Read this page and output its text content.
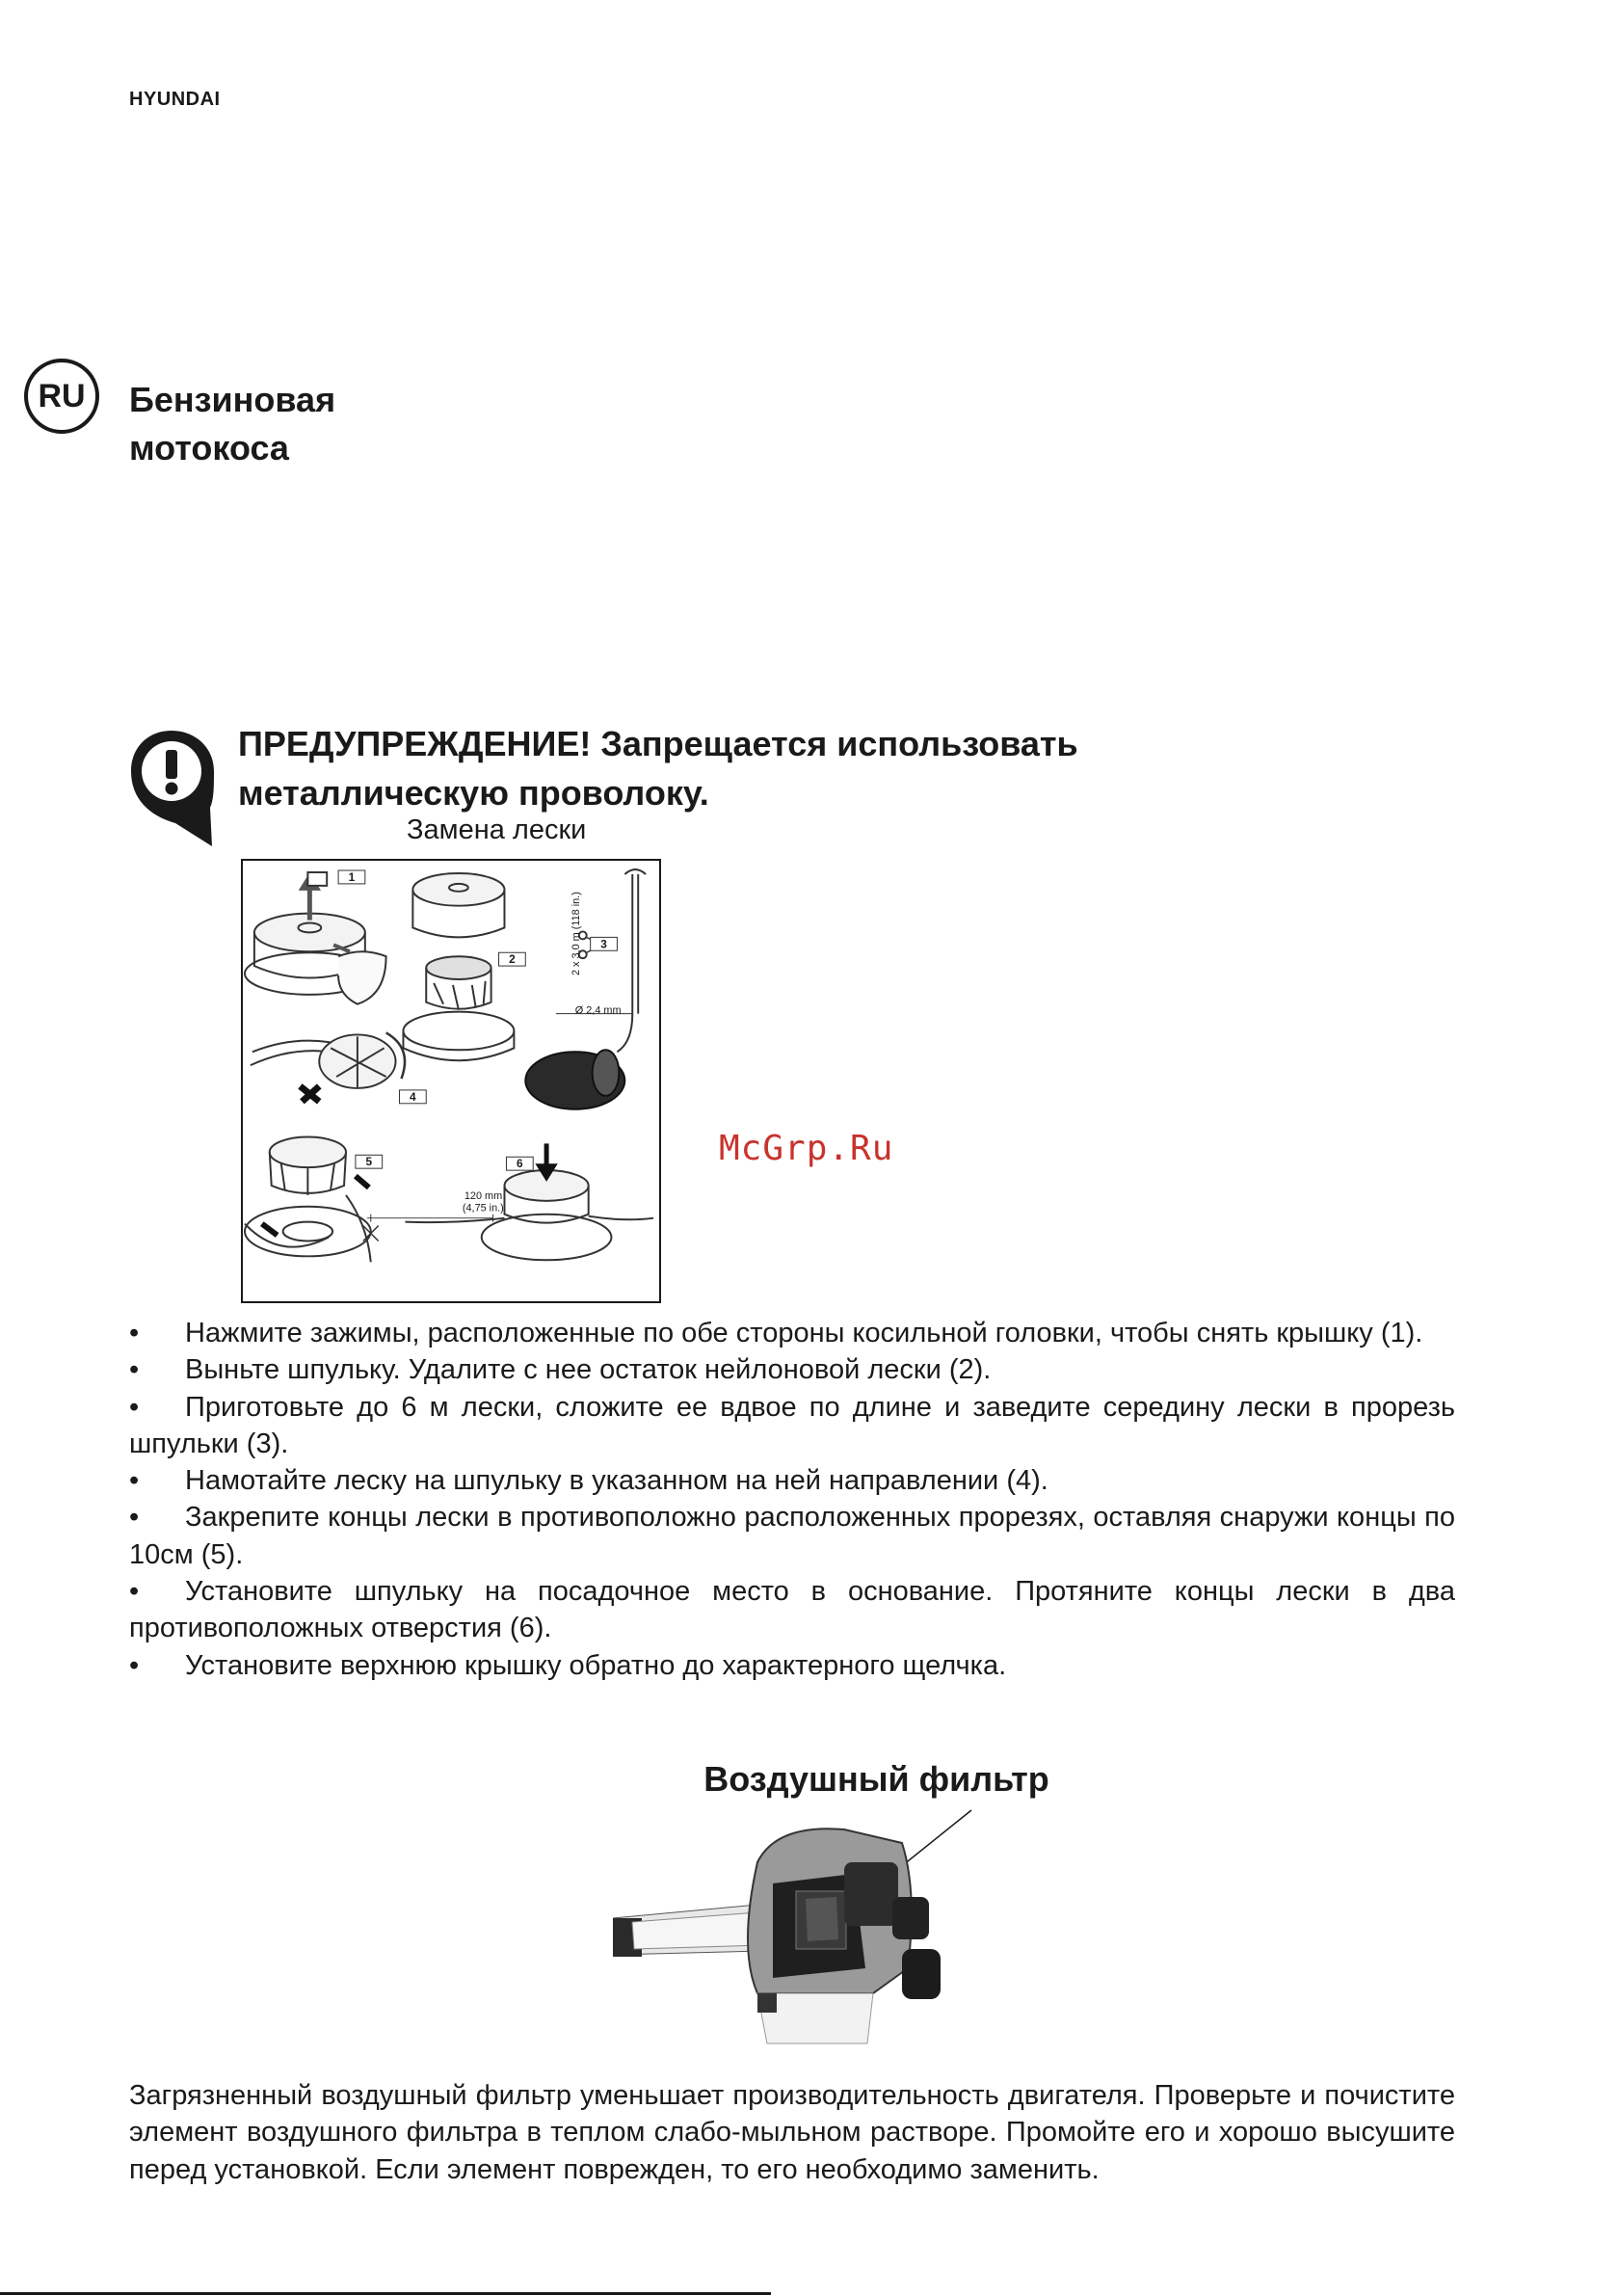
HYUNDAI
RU	Бензиновая
мотокоса
ПРЕДУПРЕЖДЕНИЕ! Запрещается использовать
металлическую проволоку.
Замена лески
1
2
3
4
5	6
2 x 3,0 m (118 in.)
Ø 2,4 mm
120 mm
(4,75 in.)
McGrp.Ru
• Нажмите зажимы, расположенные по обе стороны косильной головки, чтобы снять крышку (1).
• Выньте шпульку. Удалите с нее остаток нейлоновой лески (2).
• Приготовьте до 6 м лески, сложите ее вдвое по длине и заведите середину лески в прорезь шпульки (3).
• Намотайте леску на шпульку в указанном на ней направлении (4).
• Закрепите концы лески в противоположно расположенных прорезях, оставляя снаружи концы по 10см (5).
• Установите шпульку на посадочное место в основание. Протяните концы лески в два противоположных отверстия (6).
• Установите верхнюю крышку обратно до характерного щелчка.
Воздушный фильтр
Загрязненный воздушный фильтр уменьшает производительность двигателя. Проверьте и почистите элемент воздушного фильтра в теплом слабо-мыльном растворе. Промойте его и хорошо высушите перед установкой. Если элемент поврежден, то его необходимо заменить.
